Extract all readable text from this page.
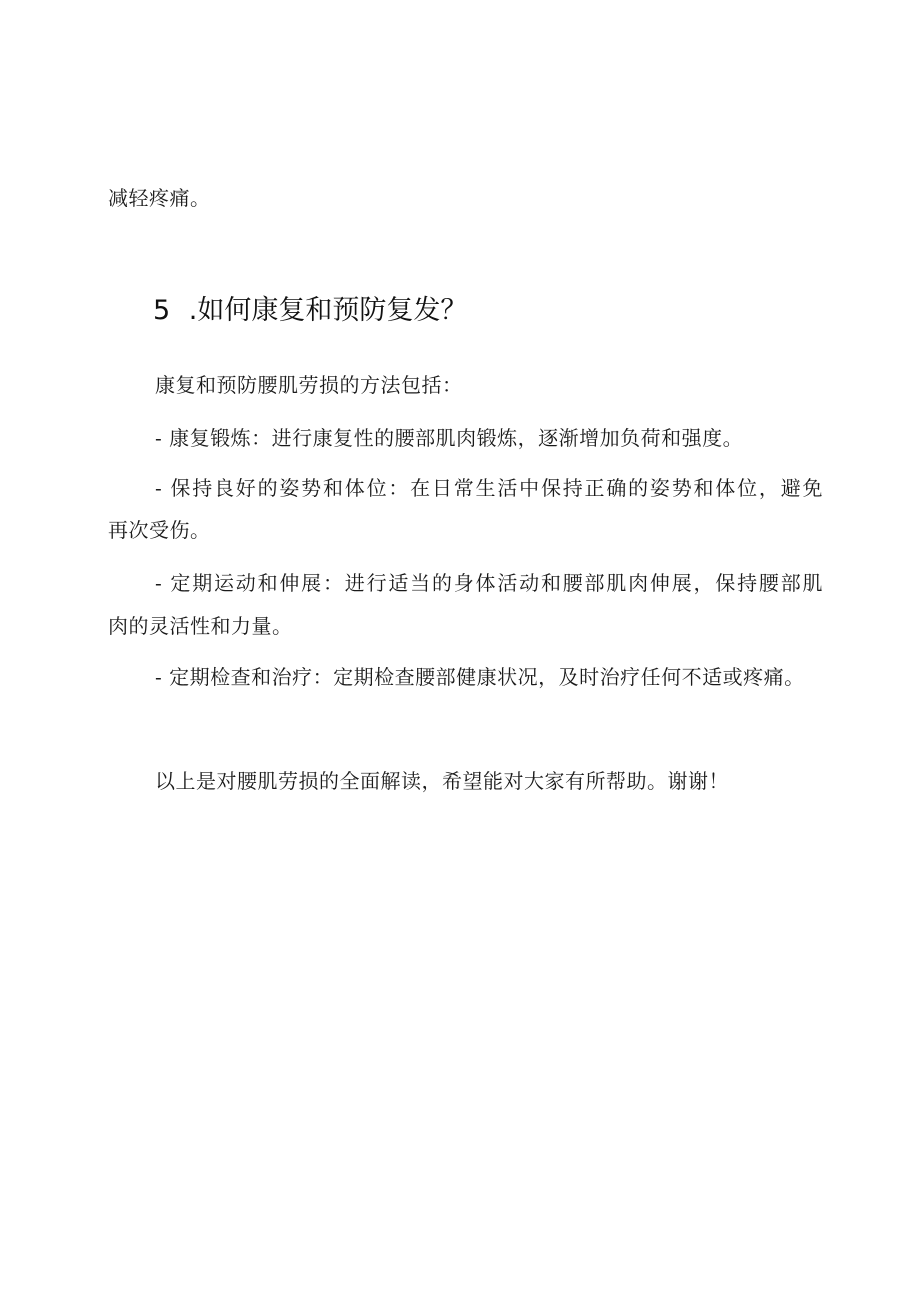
减轻疼痛。
5 .如何康复和预防复发？
康复和预防腰肌劳损的方法包括：
- 康复锻炼：进行康复性的腰部肌肉锻炼，逐渐增加负荷和强度。
- 保持良好的姿势和体位：在日常生活中保持正确的姿势和体位，避免
再次受伤。
- 定期运动和伸展：进行适当的身体活动和腰部肌肉伸展，保持腰部肌
肉的灵活性和力量。
- 定期检查和治疗：定期检查腰部健康状况，及时治疗任何不适或疼痛。
以上是对腰肌劳损的全面解读，希望能对大家有所帮助。谢谢！
